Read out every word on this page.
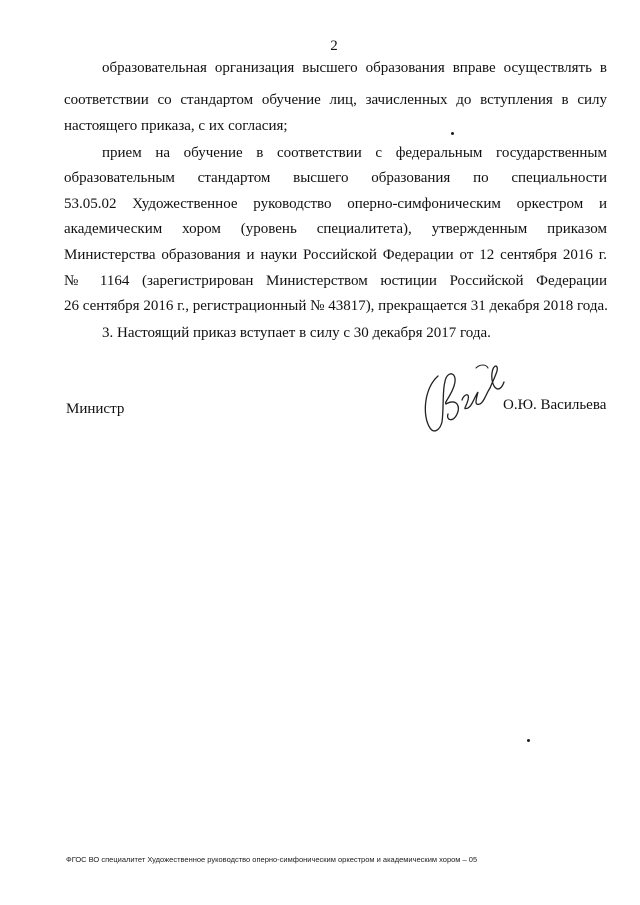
2
образовательная организация высшего образования вправе осуществлять в
соответствии со стандартом обучение лиц, зачисленных до вступления в силу
настоящего приказа, с их согласия;
прием на обучение в соответствии с федеральным государственным
образовательным стандартом высшего образования по специальности
53.05.02 Художественное руководство оперно-симфоническим оркестром и
академическим хором (уровень специалитета), утвержденным приказом
Министерства образования и науки Российской Федерации от 12 сентября 2016 г.
№ 1164 (зарегистрирован Министерством юстиции Российской Федерации
26 сентября 2016 г., регистрационный № 43817), прекращается 31 декабря 2018 года.
3. Настоящий приказ вступает в силу с 30 декабря 2017 года.
Министр	О.Ю. Васильева
ФГОС ВО специалитет Художественное руководство оперно-симфоническим оркестром и академическим хором – 05
